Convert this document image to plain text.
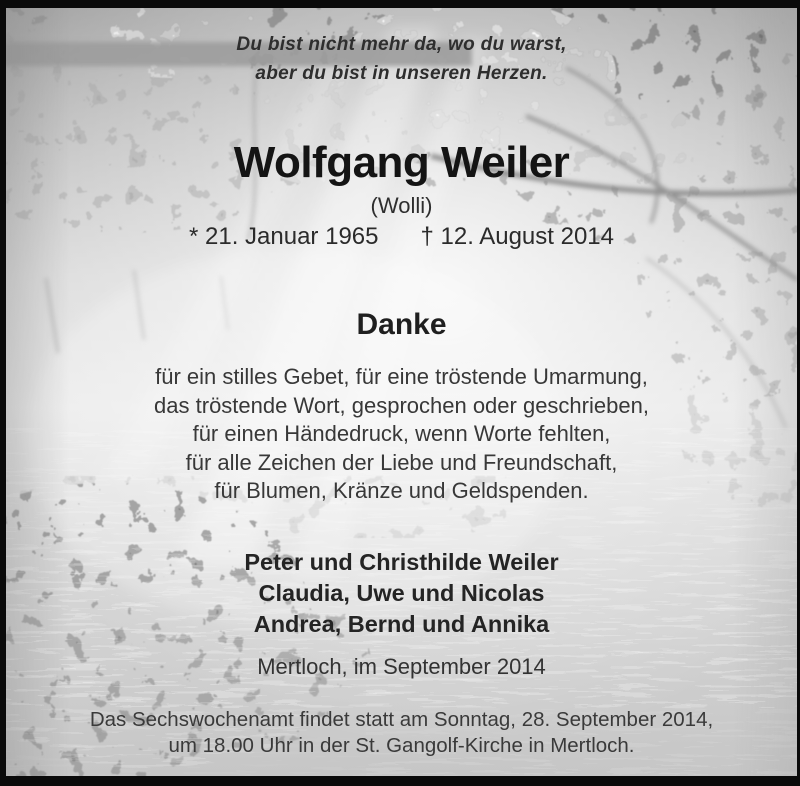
Du bist nicht mehr da, wo du warst,
aber du bist in unseren Herzen.
Wolfgang Weiler
(Wolli)
* 21. Januar 1965 † 12. August 2014
Danke
für ein stilles Gebet, für eine tröstende Umarmung,
das tröstende Wort, gesprochen oder geschrieben,
für einen Händedruck, wenn Worte fehlten,
für alle Zeichen der Liebe und Freundschaft,
für Blumen, Kränze und Geldspenden.
Peter und Christhilde Weiler
Claudia, Uwe und Nicolas
Andrea, Bernd und Annika
Mertloch, im September 2014
Das Sechswochenamt findet statt am Sonntag, 28. September 2014,
um 18.00 Uhr in der St. Gangolf-Kirche in Mertloch.
